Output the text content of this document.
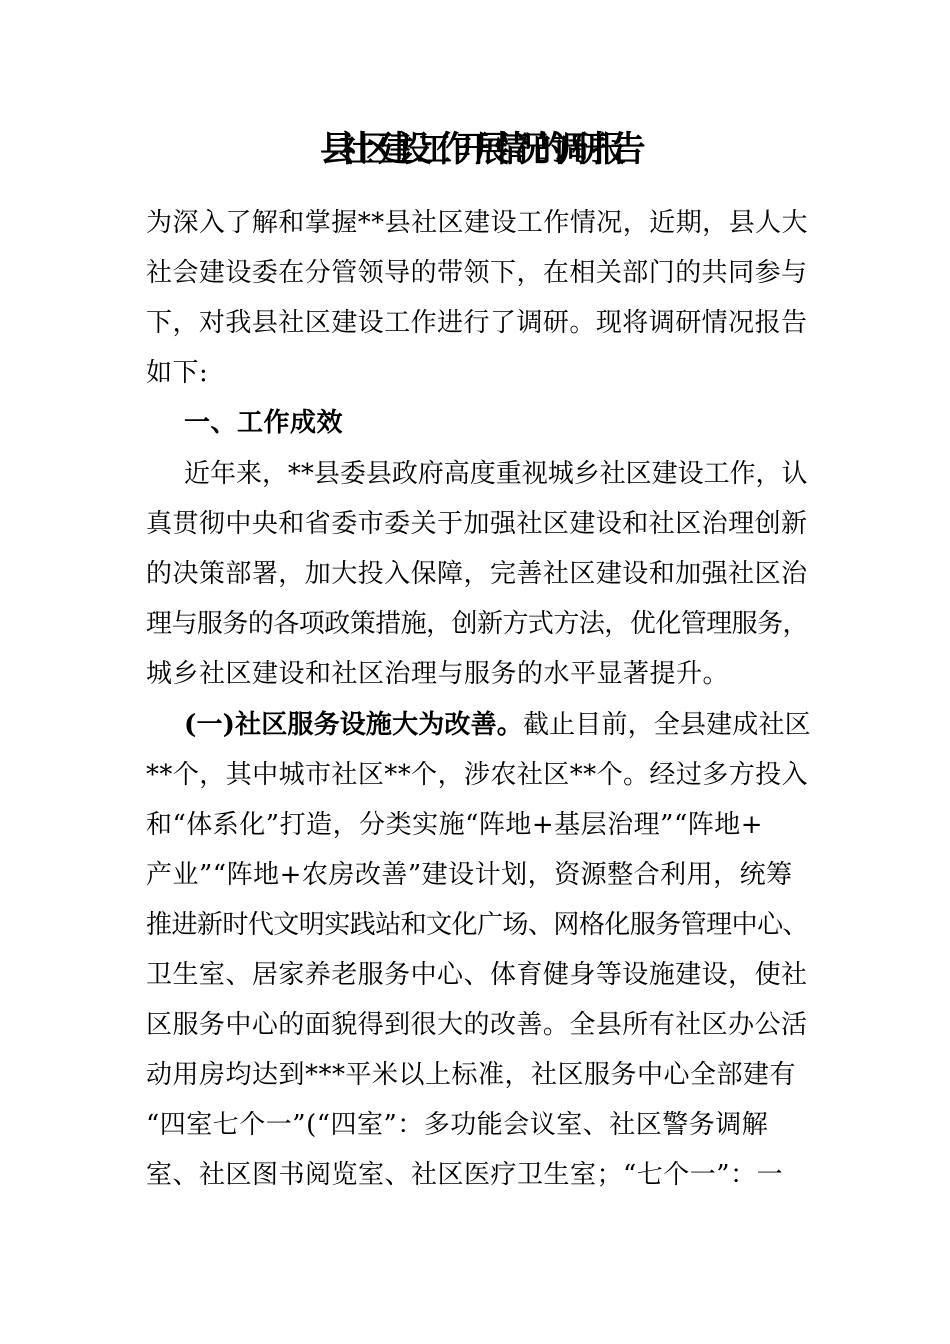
县社区建设工作开展情况的调研报告
为深入了解和掌握**县社区建设工作情况，近期，县人大
社会建设委在分管领导的带领下，在相关部门的共同参与
下，对我县社区建设工作进行了调研。现将调研情况报告
如下:
一、工作成效
近年来，**县委县政府高度重视城乡社区建设工作，认
真贯彻中央和省委市委关于加强社区建设和社区治理创新
的决策部署，加大投入保障，完善社区建设和加强社区治
理与服务的各项政策措施，创新方式方法，优化管理服务，
城乡社区建设和社区治理与服务的水平显著提升。
(一)社区服务设施大为改善。截止目前，全县建成社区
**个，其中城市社区**个，涉农社区**个。经过多方投入
和“体系化”打造，分类实施“阵地+基层治理”“阵地+
产业”“阵地+农房改善”建设计划，资源整合利用，统筹
推进新时代文明实践站和文化广场、网格化服务管理中心、
卫生室、居家养老服务中心、体育健身等设施建设，使社
区服务中心的面貌得到很大的改善。全县所有社区办公活
动用房均达到***平米以上标准，社区服务中心全部建有
“四室七个一”(“四室”：多功能会议室、社区警务调解
室、社区图书阅览室、社区医疗卫生室；“七个一”：一
